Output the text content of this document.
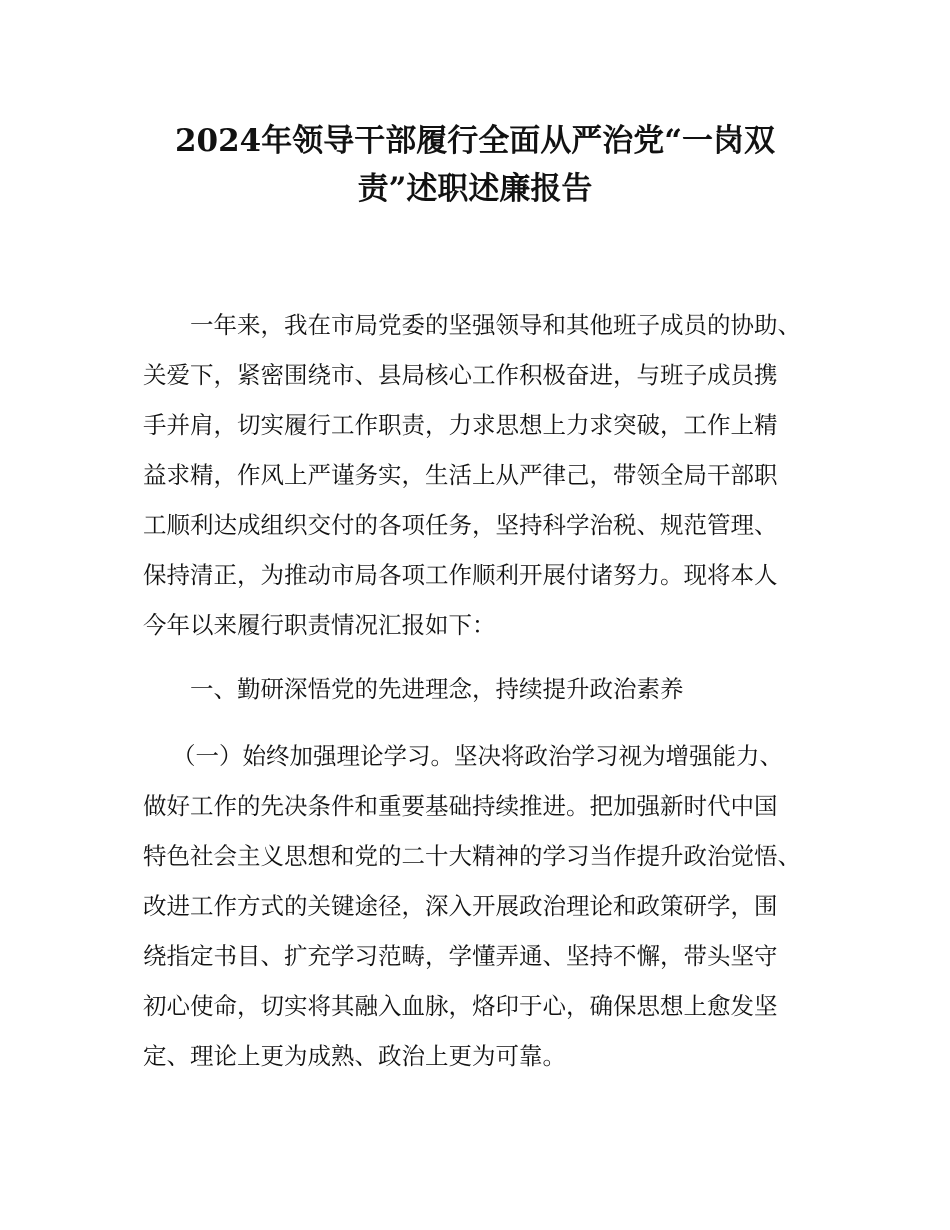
2024年领导干部履行全面从严治党“一岗双
责”述职述廉报告
一年来，我在市局党委的坚强领导和其他班子成员的协助、
关爱下，紧密围绕市、县局核心工作积极奋进，与班子成员携
手并肩，切实履行工作职责，力求思想上力求突破，工作上精
益求精，作风上严谨务实，生活上从严律己，带领全局干部职
工顺利达成组织交付的各项任务，坚持科学治税、规范管理、
保持清正，为推动市局各项工作顺利开展付诸努力。现将本人
今年以来履行职责情况汇报如下：
一、勤研深悟党的先进理念，持续提升政治素养
（一）始终加强理论学习。坚决将政治学习视为增强能力、
做好工作的先决条件和重要基础持续推进。把加强新时代中国
特色社会主义思想和党的二十大精神的学习当作提升政治觉悟、
改进工作方式的关键途径，深入开展政治理论和政策研学，围
绕指定书目、扩充学习范畴，学懂弄通、坚持不懈，带头坚守
初心使命，切实将其融入血脉，烙印于心，确保思想上愈发坚
定、理论上更为成熟、政治上更为可靠。
